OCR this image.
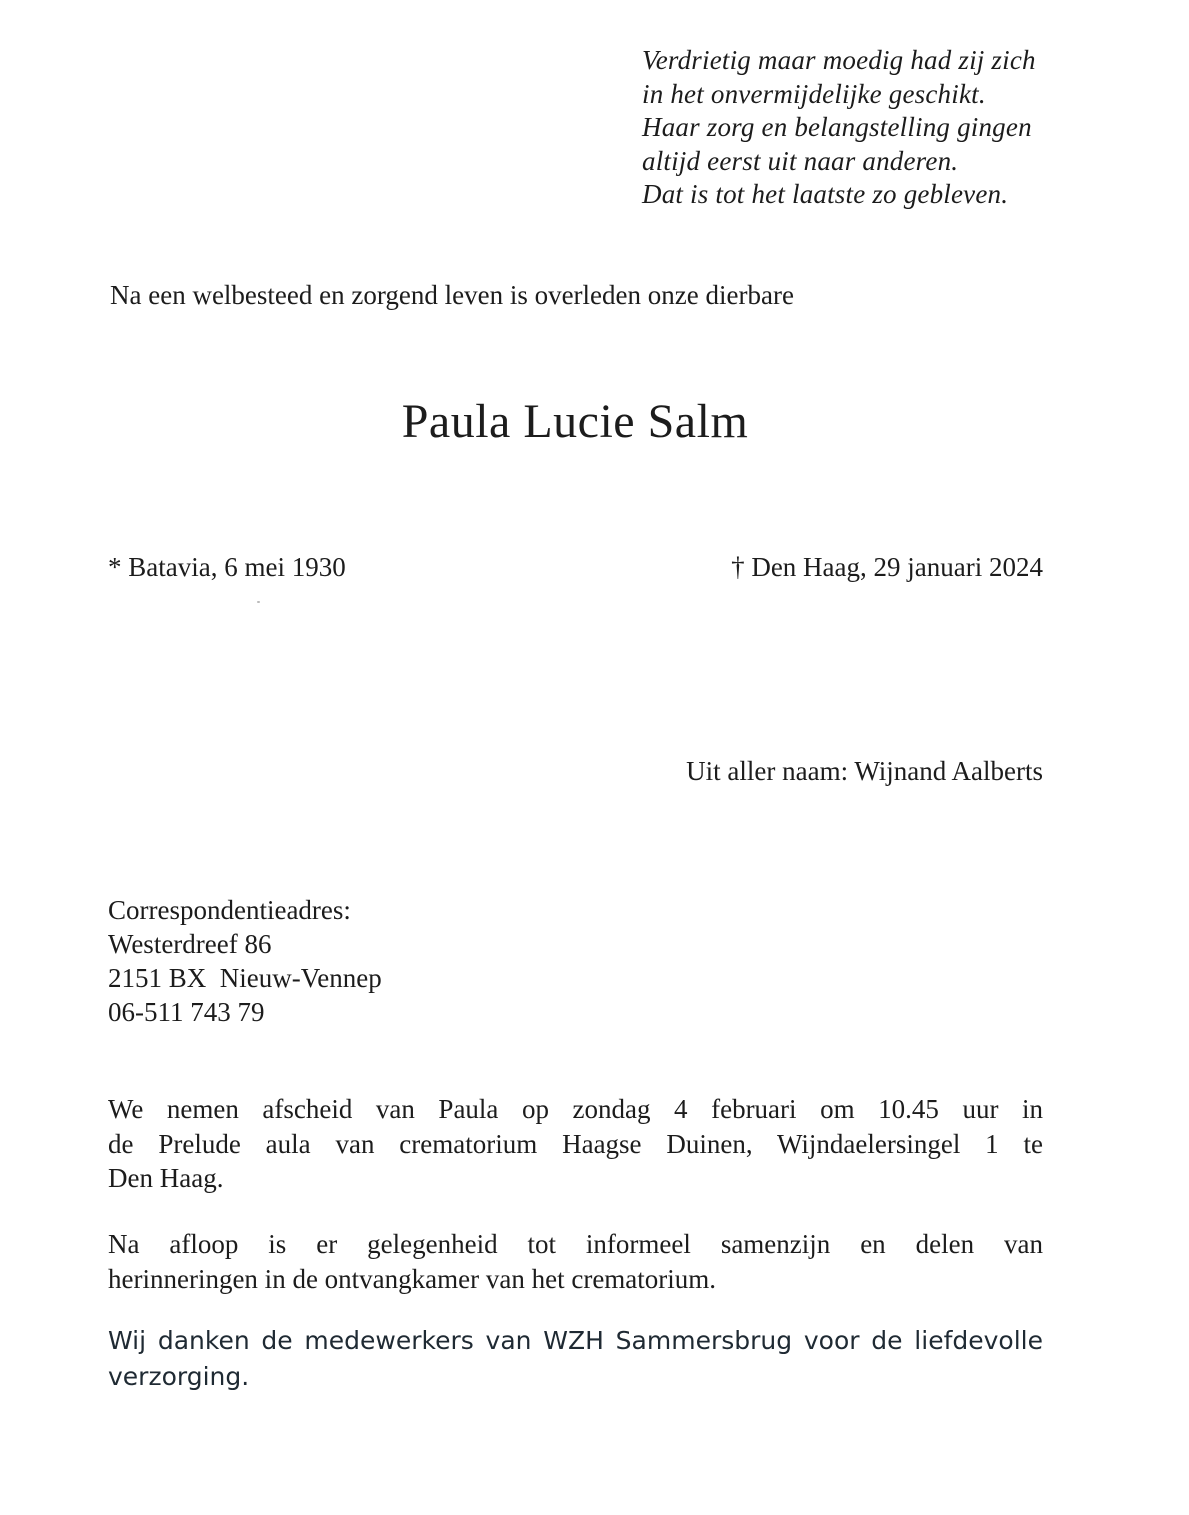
Verdrietig maar moedig had zij zich
in het onvermijdelijke geschikt.
Haar zorg en belangstelling gingen
altijd eerst uit naar anderen.
Dat is tot het laatste zo gebleven.
Na een welbesteed en zorgend leven is overleden onze dierbare
Paula Lucie Salm
* Batavia, 6 mei 1930	† Den Haag, 29 januari 2024
Uit aller naam: Wijnand Aalberts
Correspondentieadres:
Westerdreef 86
2151 BX  Nieuw-Vennep
06-511 743 79
We nemen afscheid van Paula op zondag 4 februari om 10.45 uur in
de Prelude aula van crematorium Haagse Duinen, Wijndaelersingel 1 te
Den Haag.
Na afloop is er gelegenheid tot informeel samenzijn en delen van
herinneringen in de ontvangkamer van het crematorium.
Wij danken de medewerkers van WZH Sammersbrug voor de liefdevolle
verzorging.
